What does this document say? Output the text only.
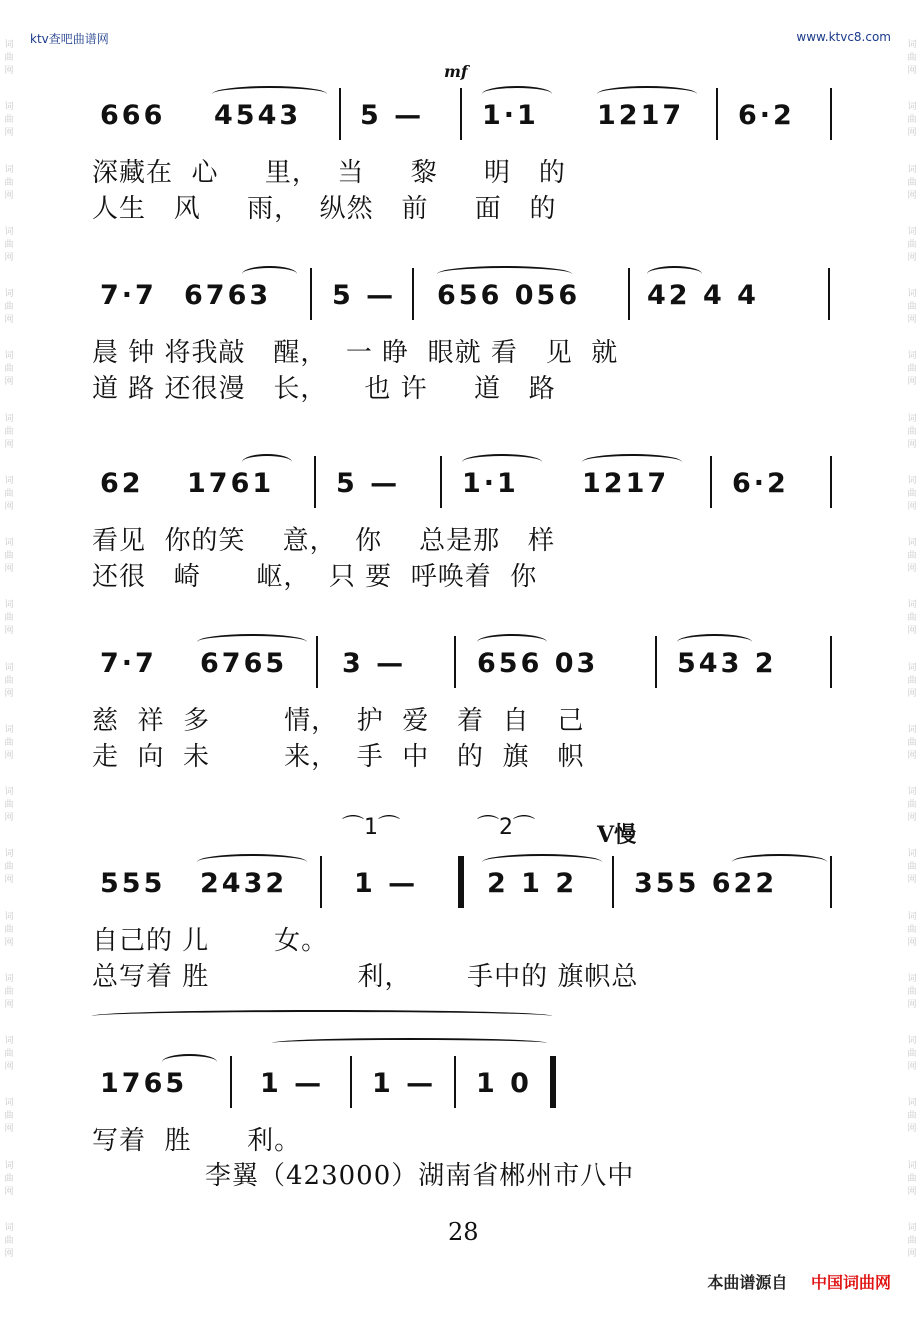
ktv查吧曲谱网	www.ktvc8.com
词
曲
网
词
曲
网
词
曲
网
词
曲
网
词
曲
网
词
曲
网
词
曲
网
词
曲
网
词
曲
网
词
曲
网
词
曲
网
词
曲
网
词
曲
网
词
曲
网
词
曲
网
词
曲
网
词
曲
网
词
曲
网
词
曲
网
词
曲
网
词
曲
网
词
曲
网
词
曲
网
词
曲
网
词
曲
网
词
曲
网
词
曲
网
词
曲
网
词
曲
网
词
曲
网
词
曲
网
词
曲
网
词
曲
网
词
曲
网
词
曲
网
词
曲
网
词
曲
网
词
曲
网
词
曲
网
词
曲
网
mf
666 4543 5 — 1·1 1217 6·2
深藏在  心     里，  当     黎     明   的
人生   风     雨，  纵然   前     面   的
7·7 6763 5 — 656 056 42 4 4
晨 钟 将我敲   醒，  一 睁  眼就 看   见  就
道 路 还很漫   长，    也 许     道   路
62 1761 5 — 1·1 1217 6·2
看见  你的笑    意，  你    总是那   样
还很   崎      岖，  只 要  呼唤着  你
7·7 6765 3 —	656 03	543 2
慈  祥  多        情，  护  爱   着  自   己
走  向  未        来，  手  中   的  旗   帜
⌒1⌒	⌒2⌒	V慢
555 2432 1 —	2 1 2 355 622
自己的 儿       女。
总写着 胜                利，      手中的 旗帜总
1765	1 — 1 — 1 0
写着  胜      利。
李翼（423000）湖南省郴州市八中
28
本曲谱源自 中国词曲网
